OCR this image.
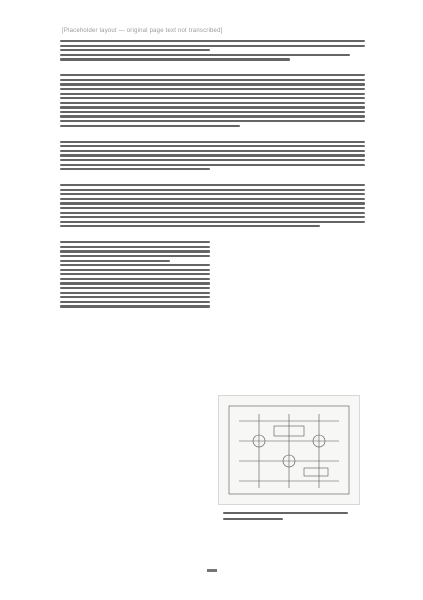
[Placeholder layout — original page text not transcribed]
